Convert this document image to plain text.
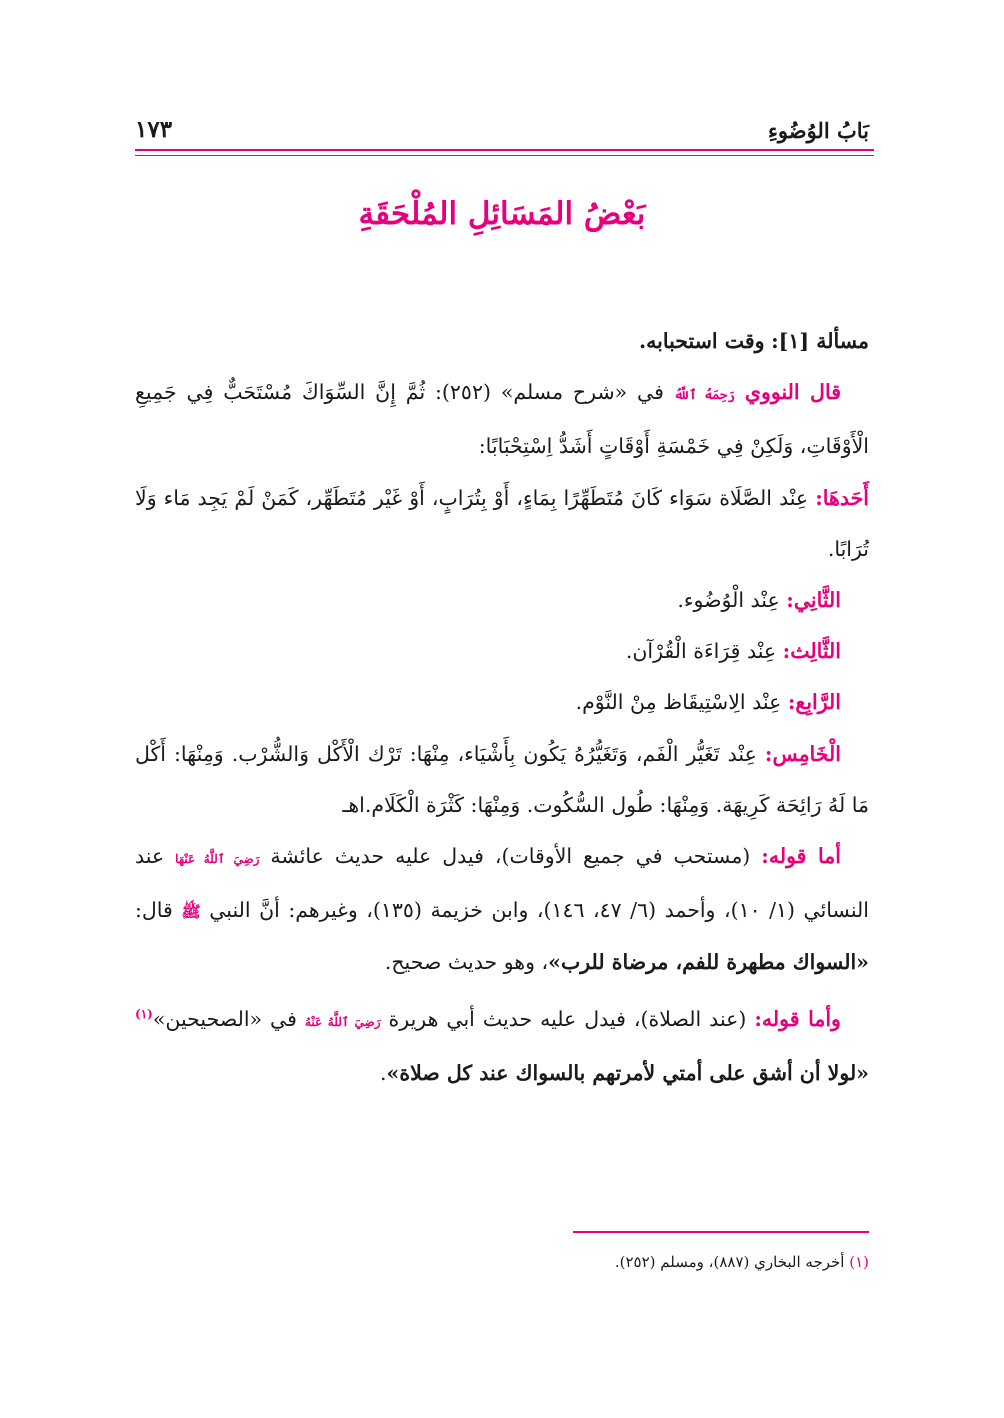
بَابُ الوُضُوءِ
١٧٣
بَعْضُ المَسَائِلِ المُلْحَقَةِ

مسألة [١]: وقت استحبابه.

قال النووي رَحِمَهُ ٱللَّهُ في «شرح مسلم» (٢٥٢): ثُمَّ إِنَّ السِّوَاكَ مُسْتَحَبٌّ فِي جَمِيعِ الْأَوْقَاتِ، وَلَكِنْ فِي خَمْسَةِ أَوْقَاتٍ أَشَدُّ اِسْتِحْبَابًا:

أَحَدهَا: عِنْد الصَّلَاة سَوَاء كَانَ مُتَطَهِّرًا بِمَاءٍ، أَوْ بِتُرَابٍ، أَوْ غَيْر مُتَطَهِّر، كَمَنْ لَمْ يَجِد مَاء وَلَا تُرَابًا.

الثَّانِي: عِنْد الْوُضُوء.

الثَّالِث: عِنْد قِرَاءَة الْقُرْآن.

الرَّابِع: عِنْد الِاسْتِيقَاظ مِنْ النَّوْم.

الْخَامِس: عِنْد تَغَيُّر الْفَم، وَتَغَيُّرُهُ يَكُون بِأَشْيَاء، مِنْهَا: تَرْك الْأَكْل وَالشُّرْب. وَمِنْهَا: أَكْل مَا لَهُ رَائِحَة كَرِيهَة. وَمِنْهَا: طُول السُّكُوت. وَمِنْهَا: كَثْرَة الْكَلَام.اهـ

أما قوله: (مستحب في جميع الأوقات)، فيدل عليه حديث عائشة رَضِيَ ٱللَّهُ عَنْهَا عند النسائي (١/ ١٠)، وأحمد (٦/ ٤٧، ١٤٦)، وابن خزيمة (١٣٥)، وغيرهم: أنَّ النبي ﷺ قال: «السواك مطهرة للفم، مرضاة للرب»، وهو حديث صحيح.

وأما قوله: (عند الصلاة)، فيدل عليه حديث أبي هريرة رَضِيَ ٱللَّهُ عَنْهُ في «الصحيحين»$^{(١)}$ «لولا أن أشق على أمتي لأمرتهم بالسواك عند كل صلاة».

(١) أخرجه البخاري (٨٨٧)، ومسلم (٢٥٢).
